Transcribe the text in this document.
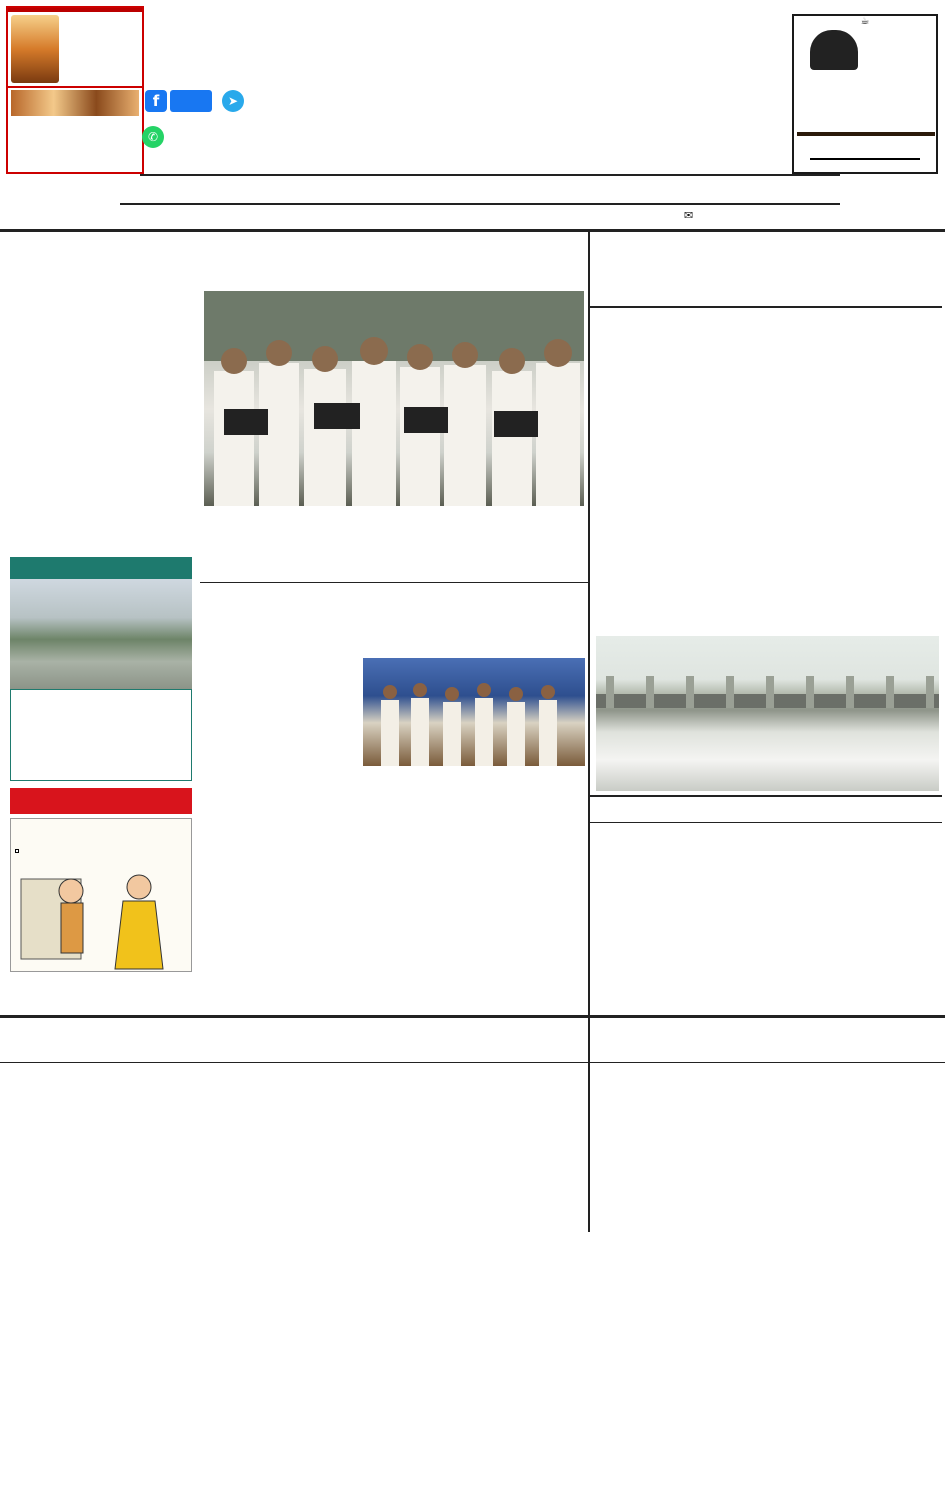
f	➤
✆
☕
✉
